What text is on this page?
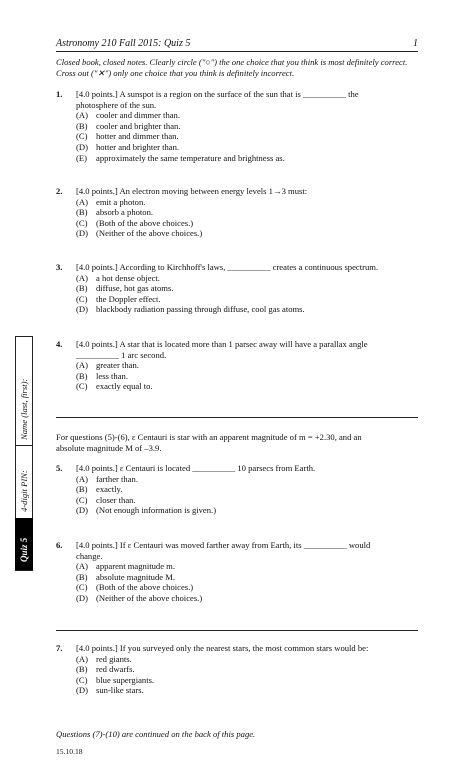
Astronomy 210 Fall 2015: Quiz 5	1
Closed book, closed notes. Clearly circle ("○") the one choice that you think is most definitely correct. Cross out ("✕") only one choice that you think is definitely incorrect.
1.	[4.0 points.] A sunspot is a region on the surface of the sun that is __________ the
photosphere of the sun.
(A) cooler and dimmer than.
(B) cooler and brighter than.
(C) hotter and dimmer than.
(D) hotter and brighter than.
(E)	approximately the same temperature and brightness as.
2.	[4.0 points.] An electron moving between energy levels 1→3 must:
(A) emit a photon.
(B) absorb a photon.
(C) (Both of the above choices.)
(D) (Neither of the above choices.)
3.	[4.0 points.] According to Kirchhoff's laws, __________ creates a continuous spectrum.
(A) a hot dense object.
(B) diffuse, hot gas atoms.
(C) the Doppler effect.
(D) blackbody radiation passing through diffuse, cool gas atoms.
4.	[4.0 points.] A star that is located more than 1 parsec away will have a parallax angle
__________ 1 arc second.
(A) greater than.
(B) less than.
(C) exactly equal to.
For questions (5)-(6), ε Centauri is star with an apparent magnitude of m = +2.30, and an
absolute magnitude M of –3.9.
5.	[4.0 points.] ε Centauri is located __________ 10 parsecs from Earth.
(A) farther than.
(B) exactly.
(C) closer than.
(D) (Not enough information is given.)
6.	[4.0 points.] If ε Centauri was moved farther away from Earth, its __________ would
change.
(A) apparent magnitude m.
(B) absolute magnitude M.
(C) (Both of the above choices.)
(D) (Neither of the above choices.)
7.	[4.0 points.] If you surveyed only the nearest stars, the most common stars would be:
(A) red giants.
(B) red dwarfs.
(C) blue supergiants.
(D) sun-like stars.
Questions (7)-(10) are continued on the back of this page.
15.10.18
Name (last, first):
4-digit PIN:
Quiz 5
